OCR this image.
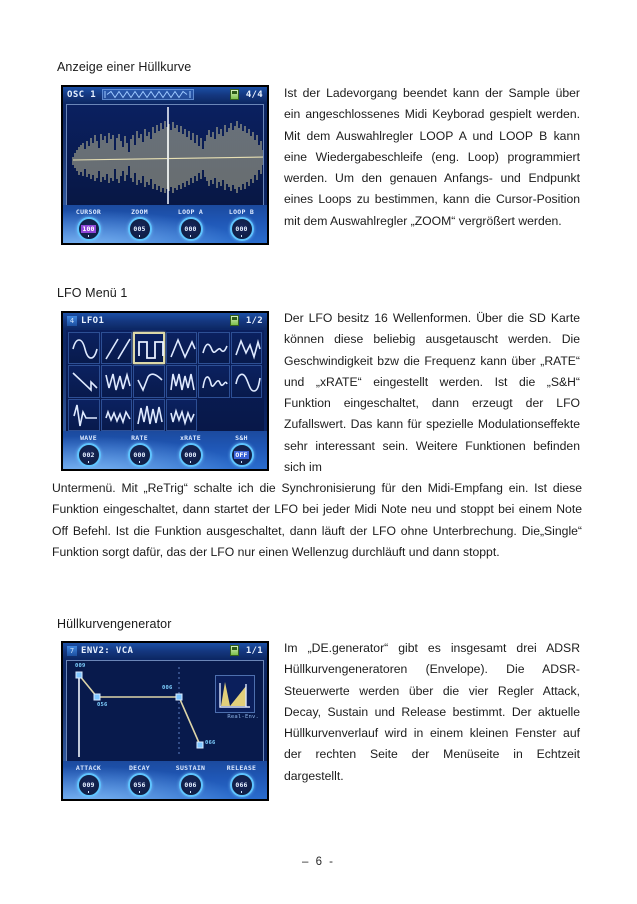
Anzeige einer Hüllkurve
OSC 1	4/4
CURSOR
100
ZOOM
005
LOOP A
000
LOOP B
000

Ist der Ladevorgang beendet kann der Sample über ein angeschlossenes Midi Keyborad gespielt werden. Mit dem Auswahlregler LOOP A und LOOP B kann eine Wiedergabeschleife (eng. Loop) programmiert werden. Um den genauen Anfangs- und Endpunkt eines Loops zu bestimmen, kann die Cursor-Position mit dem Auswahlregler „ZOOM“ vergrößert werden.

LFO Menü 1
4 LFO1	1/2
WAVE
002
RATE
000
xRATE
000
S&H
OFF

Der LFO besitz 16 Wellenformen. Über die SD Karte können diese beliebig ausgetauscht werden. Die Geschwindigkeit bzw die Frequenz kann über „RATE“ und „xRATE“ eingestellt werden. Ist die „S&H“ Funktion eingeschaltet, dann erzeugt der LFO Zufallswert. Das kann für spezielle Modulationseffekte sehr interessant sein. Weitere Funktionen befinden sich im

Untermenü. Mit „ReTrig“ schalte ich die Synchronisierung für den Midi-Empfang ein. Ist diese Funktion eingeschaltet, dann startet der LFO bei jeder Midi Note neu und stoppt bei einem Note Off Befehl. Ist die Funktion ausgeschaltet, dann läuft der LFO ohne Unterbrechung. Die„Single“ Funktion sorgt dafür, das der LFO nur einen Wellenzug durchläuft und dann stoppt.

Hüllkurvengenerator
7 ENV2: VCA	1/1
009
056
006
066
Real-Env.
ATTACK
009
DECAY
056
SUSTAIN
006
RELEASE
066

Im „DE.generator“ gibt es insgesamt drei ADSR Hüllkurvengeneratoren (Envelope). Die ADSR-Steuerwerte werden über die vier Regler Attack, Decay, Sustain und Release bestimmt. Der aktuelle Hüllkurvenverlauf wird in einem kleinen Fenster auf der rechten Seite der Menüseite in Echtzeit dargestellt.

– 6 -
